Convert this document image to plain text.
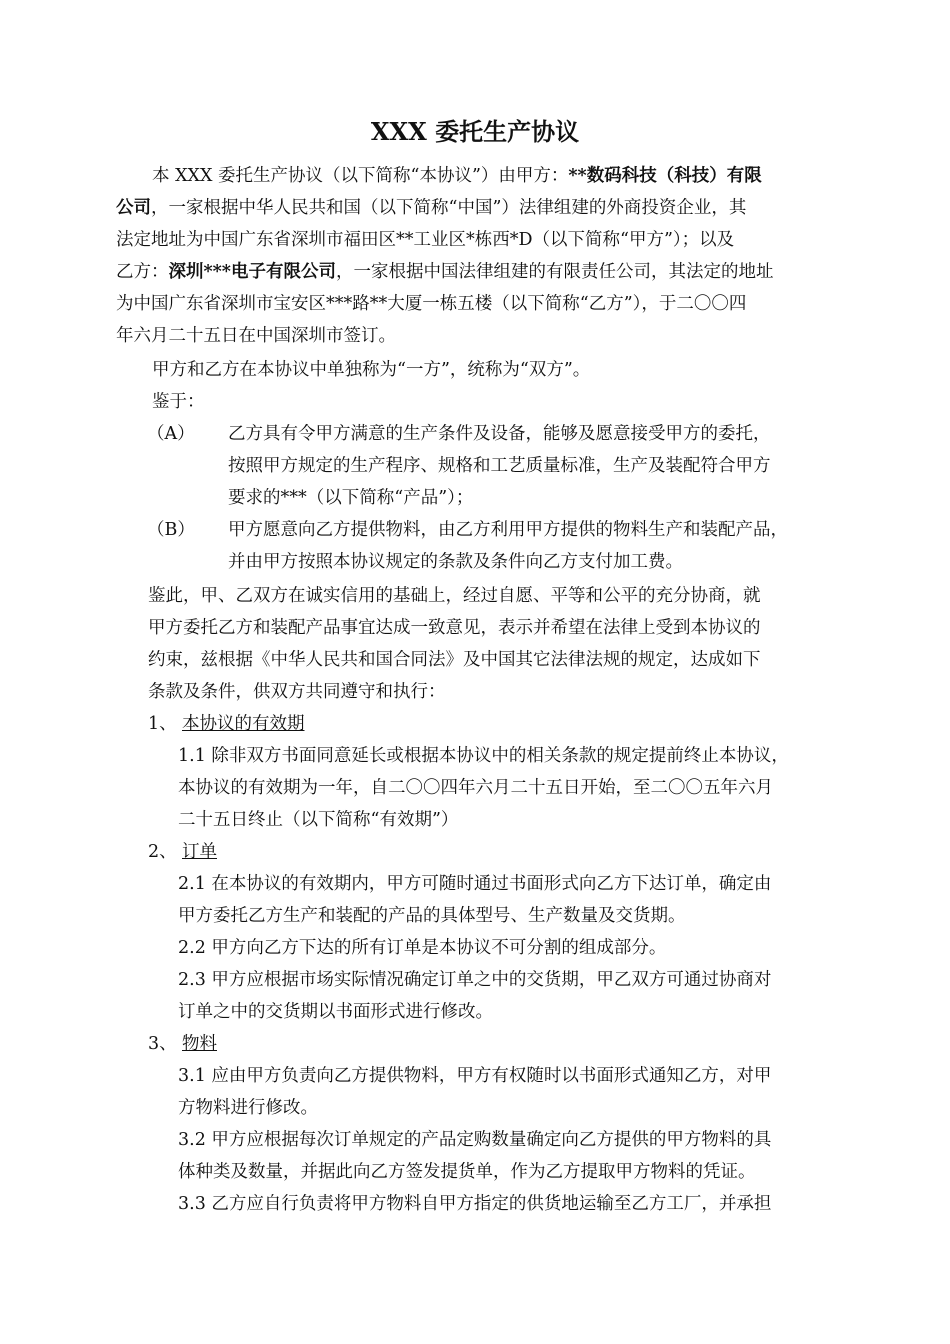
XXX 委托生产协议
本 XXX 委托生产协议（以下简称“本协议”）由甲方：**数码科技（科技）有限
公司，一家根据中华人民共和国（以下简称“中国”）法律组建的外商投资企业，其
法定地址为中国广东省深圳市福田区**工业区*栋西*D（以下简称“甲方”）；以及
乙方：深圳***电子有限公司，一家根据中国法律组建的有限责任公司，其法定的地址
为中国广东省深圳市宝安区***路**大厦一栋五楼（以下简称“乙方”），于二〇〇四
年六月二十五日在中国深圳市签订。
甲方和乙方在本协议中单独称为“一方”，统称为“双方”。
鉴于：
（A） 乙方具有令甲方满意的生产条件及设备，能够及愿意接受甲方的委托，
按照甲方规定的生产程序、规格和工艺质量标准，生产及装配符合甲方
要求的***（以下简称“产品”）；
（B） 甲方愿意向乙方提供物料，由乙方利用甲方提供的物料生产和装配产品，
并由甲方按照本协议规定的条款及条件向乙方支付加工费。
鉴此，甲、乙双方在诚实信用的基础上，经过自愿、平等和公平的充分协商，就
甲方委托乙方和装配产品事宜达成一致意见，表示并希望在法律上受到本协议的
约束，兹根据《中华人民共和国合同法》及中国其它法律法规的规定，达成如下
条款及条件，供双方共同遵守和执行：
1、 本协议的有效期
1.1 除非双方书面同意延长或根据本协议中的相关条款的规定提前终止本协议，
本协议的有效期为一年，自二〇〇四年六月二十五日开始，至二〇〇五年六月
二十五日终止（以下简称“有效期”）
2、 订单
2.1 在本协议的有效期内，甲方可随时通过书面形式向乙方下达订单，确定由
甲方委托乙方生产和装配的产品的具体型号、生产数量及交货期。
2.2 甲方向乙方下达的所有订单是本协议不可分割的组成部分。
2.3 甲方应根据市场实际情况确定订单之中的交货期，甲乙双方可通过协商对
订单之中的交货期以书面形式进行修改。
3、 物料
3.1 应由甲方负责向乙方提供物料，甲方有权随时以书面形式通知乙方，对甲
方物料进行修改。
3.2 甲方应根据每次订单规定的产品定购数量确定向乙方提供的甲方物料的具
体种类及数量，并据此向乙方签发提货单，作为乙方提取甲方物料的凭证。
3.3 乙方应自行负责将甲方物料自甲方指定的供货地运输至乙方工厂，并承担
